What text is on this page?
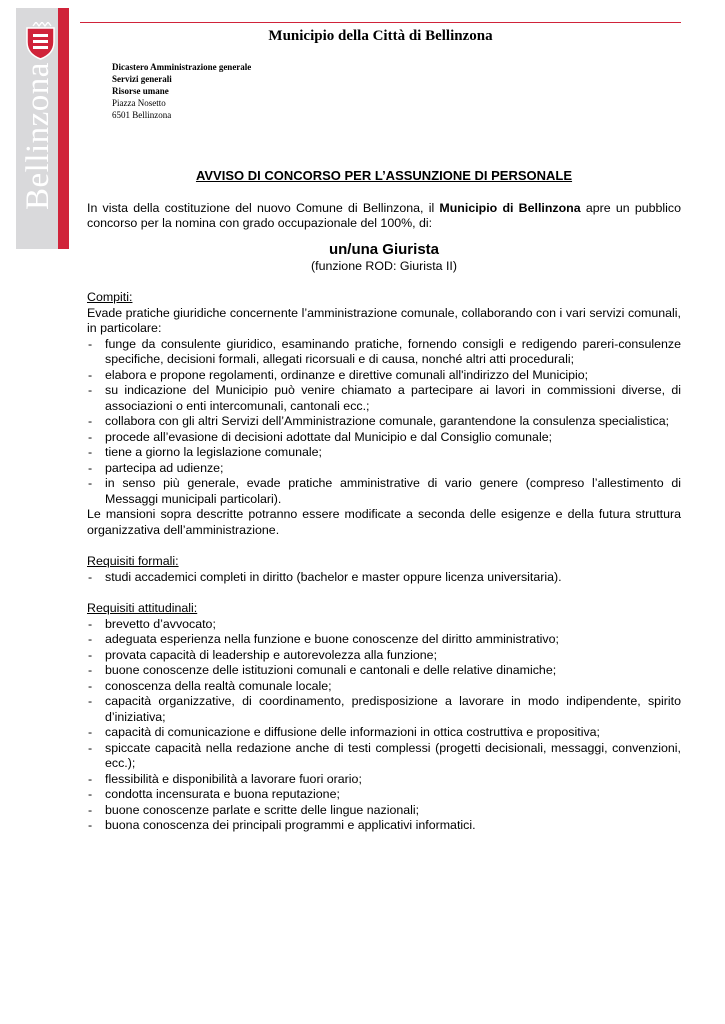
Bellinzona
Municipio della Città di Bellinzona
Dicastero Amministrazione generale
Servizi generali
Risorse umane
Piazza Nosetto
6501 Bellinzona
AVVISO DI CONCORSO PER L’ASSUNZIONE DI PERSONALE

In vista della costituzione del nuovo Comune di Bellinzona, il Municipio di Bellinzona apre un pubblico concorso per la nomina con grado occupazionale del 100%, di:

un/una Giurista
(funzione ROD: Giurista II)
Compiti:

Evade pratiche giuridiche concernente l’amministrazione comunale, collaborando con i vari servizi comunali, in particolare:

- funge da consulente giuridico, esaminando pratiche, fornendo consigli e redigendo pareri-consulenze specifiche, decisioni formali, allegati ricorsuali e di causa, nonché altri atti procedurali;
- elabora e propone regolamenti, ordinanze e direttive comunali all'indirizzo del Municipio;
- su indicazione del Municipio può venire chiamato a partecipare ai lavori in commissioni diverse, di associazioni o enti intercomunali, cantonali ecc.;
- collabora con gli altri Servizi dell’Amministrazione comunale, garantendone la consulenza specialistica;
- procede all’evasione di decisioni adottate dal Municipio e dal Consiglio comunale;
- tiene a giorno la legislazione comunale;
- partecipa ad udienze;
- in senso più generale, evade pratiche amministrative di vario genere (compreso l’allestimento di Messaggi municipali particolari).

Le mansioni sopra descritte potranno essere modificate a seconda delle esigenze e della futura struttura organizzativa dell’amministrazione.

Requisiti formali:
- studi accademici completi in diritto (bachelor e master oppure licenza universitaria).
Requisiti attitudinali:
- brevetto d’avvocato;
- adeguata esperienza nella funzione e buone conoscenze del diritto amministrativo;
- provata capacità di leadership e autorevolezza alla funzione;
- buone conoscenze delle istituzioni comunali e cantonali e delle relative dinamiche;
- conoscenza della realtà comunale locale;
- capacità organizzative, di coordinamento, predisposizione a lavorare in modo indipendente, spirito d’iniziativa;
- capacità di comunicazione e diffusione delle informazioni in ottica costruttiva e propositiva;
- spiccate capacità nella redazione anche di testi complessi (progetti decisionali, messaggi, convenzioni, ecc.);
- flessibilità e disponibilità a lavorare fuori orario;
- condotta incensurata e buona reputazione;
- buone conoscenze parlate e scritte delle lingue nazionali;
- buona conoscenza dei principali programmi e applicativi informatici.
